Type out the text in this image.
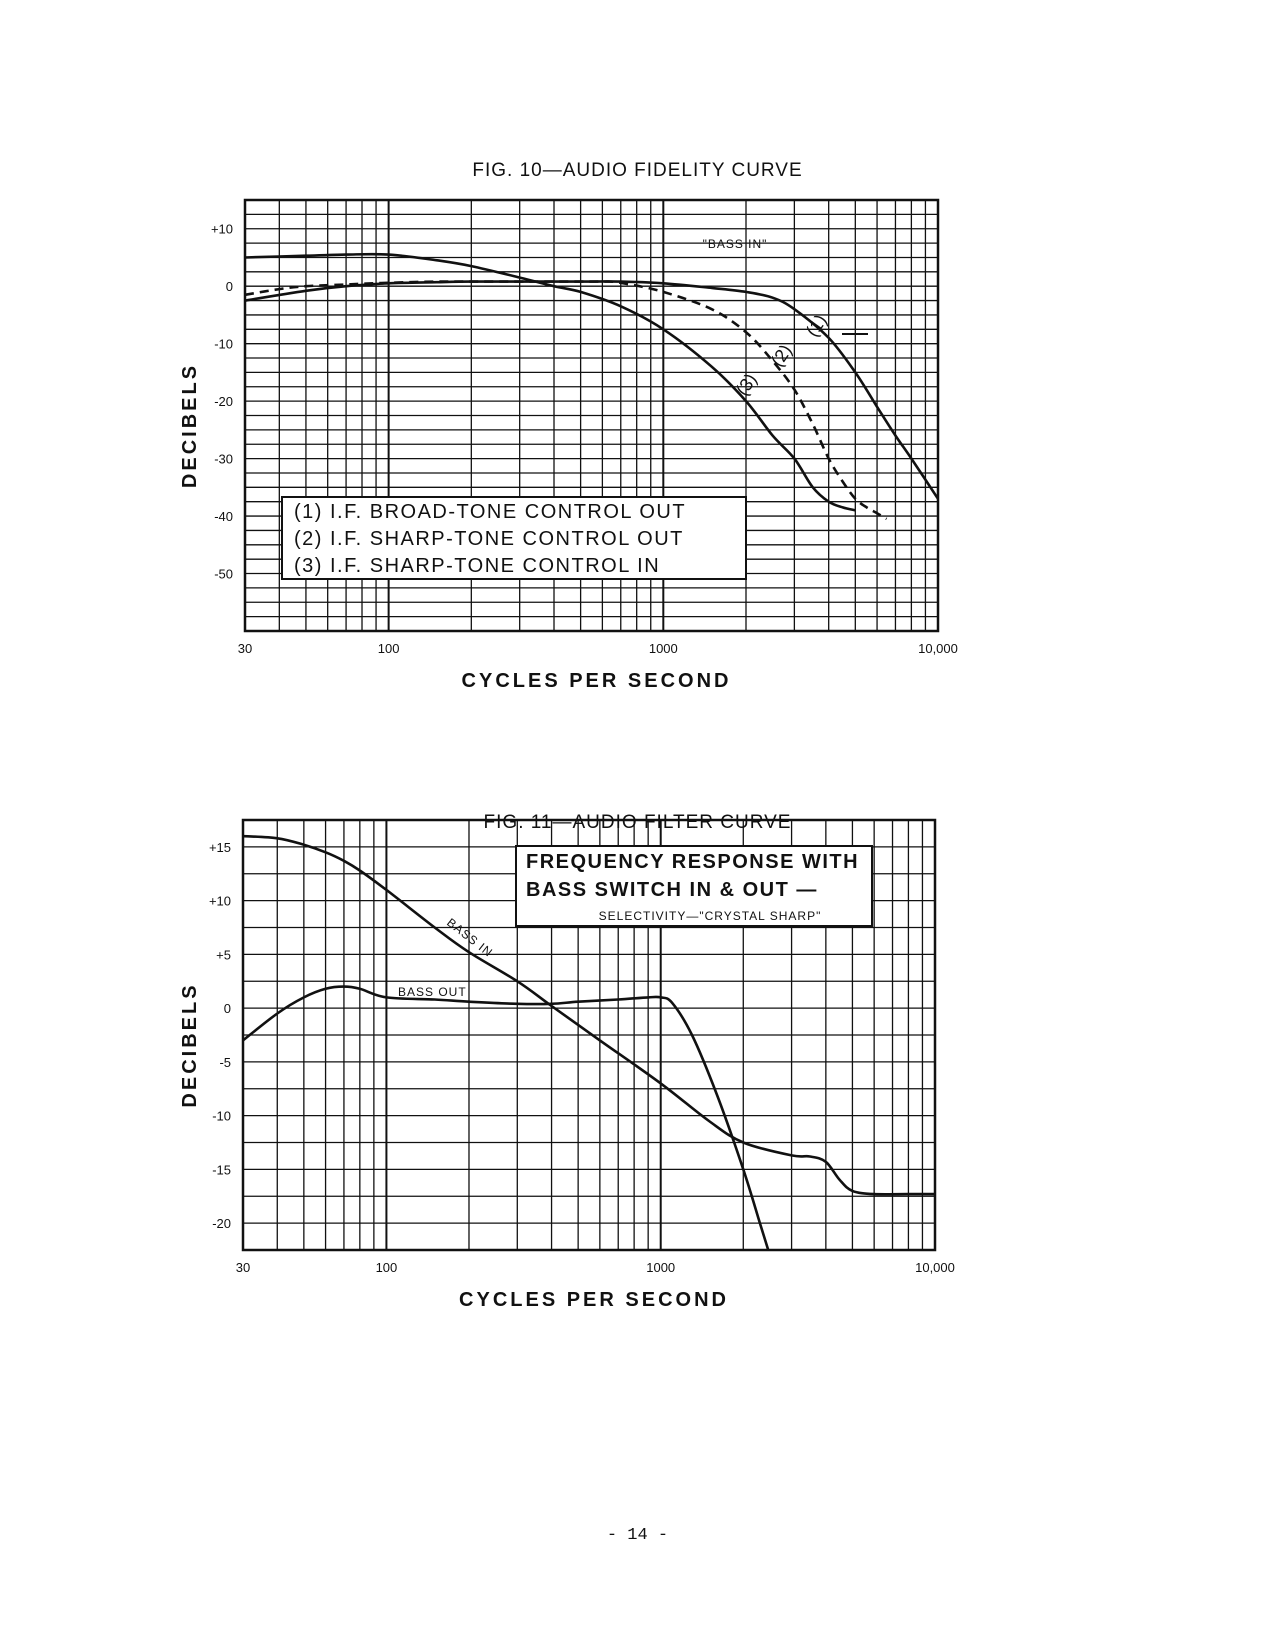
FIG. 10—AUDIO FIDELITY CURVE
FIG. 11—AUDIO FILTER CURVE
+10
0
-10
-20
-30
-40
-50
30	100	1000	10,000
CYCLES PER SECOND
DECIBELS
"BASS IN"
(1) I.F. BROAD-TONE CONTROL OUT
(2) I.F. SHARP-TONE CONTROL OUT
(3) I.F. SHARP-TONE CONTROL IN
(1)
(2)
(3)
+15
+10
+5
0
-5
-10
-15
-20
30	100	1000	10,000
CYCLES PER SECOND
DECIBELS
FREQUENCY RESPONSE WITH
BASS SWITCH IN & OUT —
SELECTIVITY—"CRYSTAL SHARP"
BASS IN
BASS OUT
- 14 -
